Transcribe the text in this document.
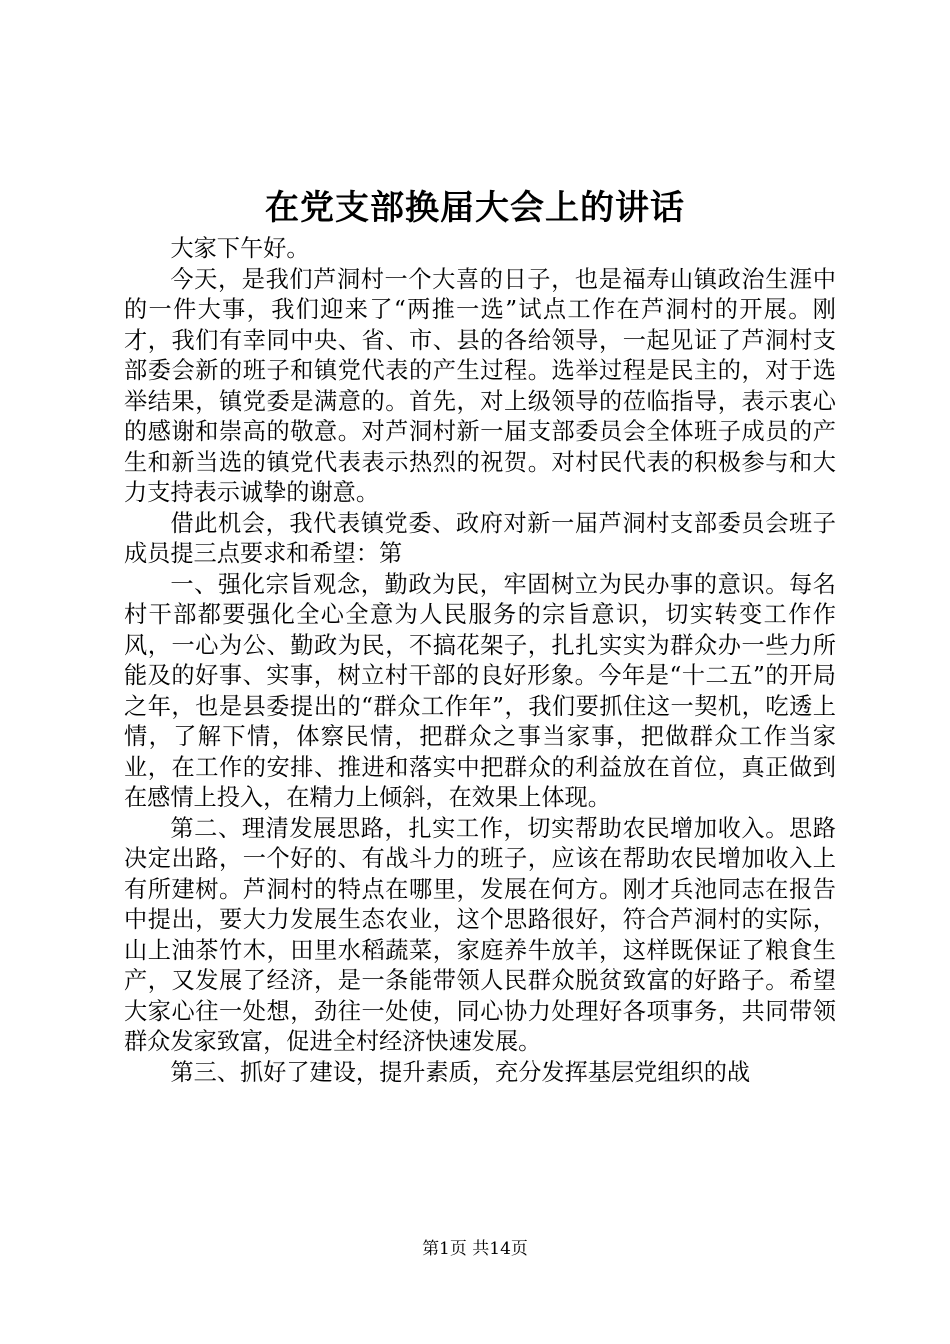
在党支部换届大会上的讲话

大家下午好。

今天，是我们芦洞村一个大喜的日子，也是福寿山镇政治生涯中的一件大事，我们迎来了“两推一选”试点工作在芦洞村的开展。刚才，我们有幸同中央、省、市、县的各给领导，一起见证了芦洞村支部委会新的班子和镇党代表的产生过程。选举过程是民主的，对于选举结果，镇党委是满意的。首先，对上级领导的莅临指导，表示衷心的感谢和崇高的敬意。对芦洞村新一届支部委员会全体班子成员的产生和新当选的镇党代表表示热烈的祝贺。对村民代表的积极参与和大力支持表示诚挚的谢意。

借此机会，我代表镇党委、政府对新一届芦洞村支部委员会班子成员提三点要求和希望：第

一、强化宗旨观念，勤政为民，牢固树立为民办事的意识。每名村干部都要强化全心全意为人民服务的宗旨意识，切实转变工作作风，一心为公、勤政为民，不搞花架子，扎扎实实为群众办一些力所能及的好事、实事，树立村干部的良好形象。今年是“十二五”的开局之年，也是县委提出的“群众工作年”，我们要抓住这一契机，吃透上情，了解下情，体察民情，把群众之事当家事，把做群众工作当家业，在工作的安排、推进和落实中把群众的利益放在首位，真正做到在感情上投入，在精力上倾斜，在效果上体现。

第二、理清发展思路，扎实工作，切实帮助农民增加收入。思路决定出路，一个好的、有战斗力的班子，应该在帮助农民增加收入上有所建树。芦洞村的特点在哪里，发展在何方。刚才兵池同志在报告中提出，要大力发展生态农业，这个思路很好，符合芦洞村的实际，山上油茶竹木，田里水稻蔬菜，家庭养牛放羊，这样既保证了粮食生产，又发展了经济，是一条能带领人民群众脱贫致富的好路子。希望大家心往一处想，劲往一处使，同心协力处理好各项事务，共同带领群众发家致富，促进全村经济快速发展。

第三、抓好了建设，提升素质，充分发挥基层党组织的战

第1页 共14页
